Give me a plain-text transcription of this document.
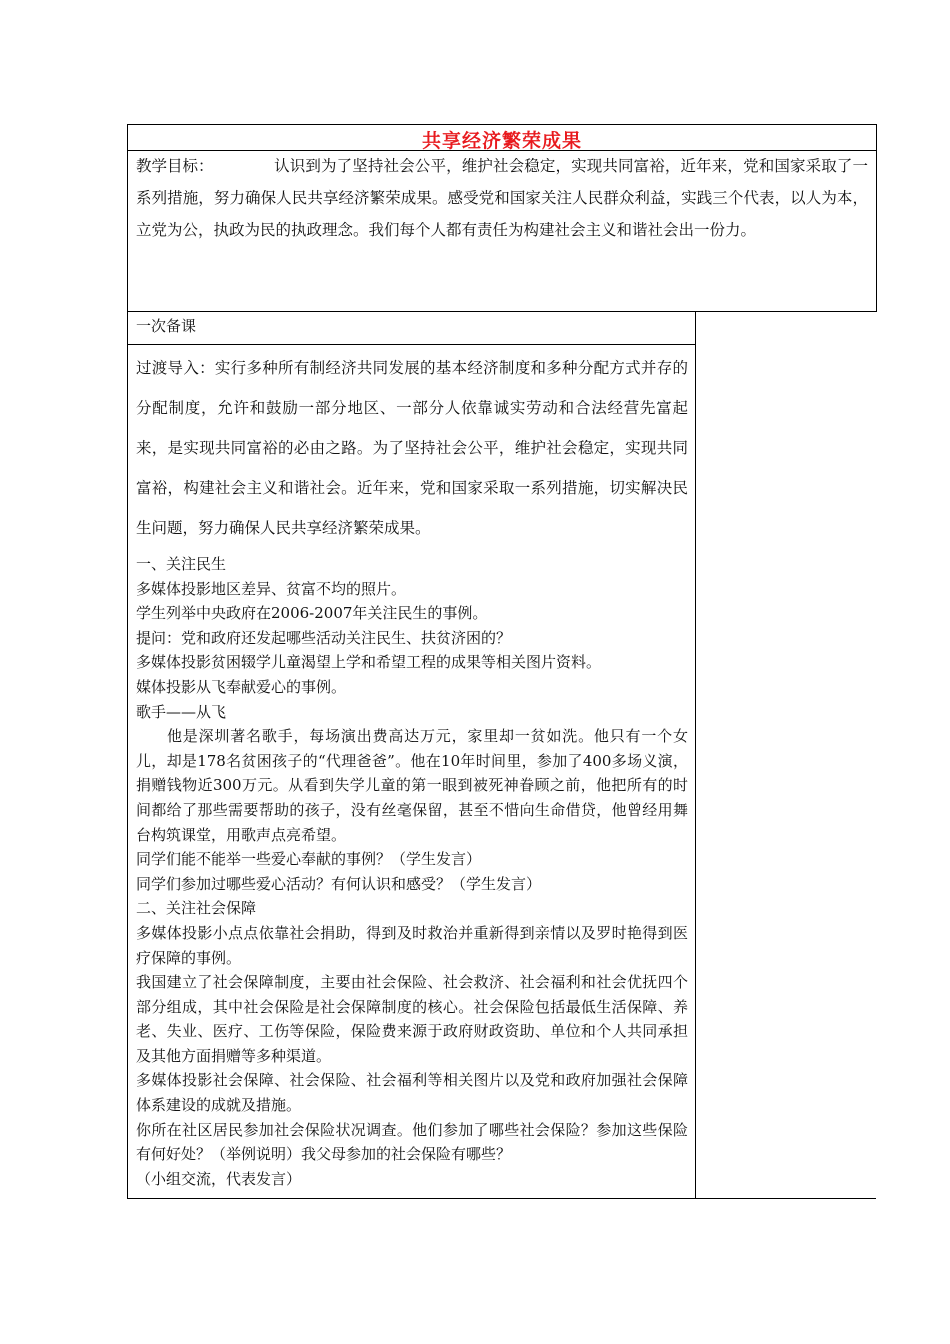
共享经济繁荣成果
教学目标：	认识到为了坚持社会公平，维护社会稳定，实现共同富裕，近年来，党和国家采取了一系列措施，努力确保人民共享经济繁荣成果。感受党和国家关注人民群众利益，实践三个代表，以人为本，立党为公，执政为民的执政理念。我们每个人都有责任为构建社会主义和谐社会出一份力。
一次备课
过渡导入：实行多种所有制经济共同发展的基本经济制度和多种分配方式并存的分配制度，允许和鼓励一部分地区、一部分人依靠诚实劳动和合法经营先富起来，是实现共同富裕的必由之路。为了坚持社会公平，维护社会稳定，实现共同富裕，构建社会主义和谐社会。近年来，党和国家采取一系列措施，切实解决民生问题，努力确保人民共享经济繁荣成果。

一、关注民生

多媒体投影地区差异、贫富不均的照片。

学生列举中央政府在2006-2007年关注民生的事例。

提问：党和政府还发起哪些活动关注民生、扶贫济困的？

多媒体投影贫困辍学儿童渴望上学和希望工程的成果等相关图片资料。

媒体投影从飞奉献爱心的事例。

歌手——从飞

他是深圳著名歌手，每场演出费高达万元，家里却一贫如洗。他只有一个女儿，却是178名贫困孩子的“代理爸爸”。他在10年时间里，参加了400多场义演，捐赠钱物近300万元。从看到失学儿童的第一眼到被死神眷顾之前，他把所有的时间都给了那些需要帮助的孩子，没有丝毫保留，甚至不惜向生命借贷，他曾经用舞台构筑课堂，用歌声点亮希望。

同学们能不能举一些爱心奉献的事例？（学生发言）

同学们参加过哪些爱心活动？有何认识和感受？（学生发言）

二、关注社会保障

多媒体投影小点点依靠社会捐助，得到及时救治并重新得到亲情以及罗时艳得到医疗保障的事例。

我国建立了社会保障制度，主要由社会保险、社会救济、社会福利和社会优抚四个部分组成，其中社会保险是社会保障制度的核心。社会保险包括最低生活保障、养老、失业、医疗、工伤等保险，保险费来源于政府财政资助、单位和个人共同承担及其他方面捐赠等多种渠道。

多媒体投影社会保障、社会保险、社会福利等相关图片以及党和政府加强社会保障体系建设的成就及措施。

你所在社区居民参加社会保险状况调查。他们参加了哪些社会保险？参加这些保险有何好处？（举例说明）我父母参加的社会保险有哪些？

（小组交流，代表发言）
